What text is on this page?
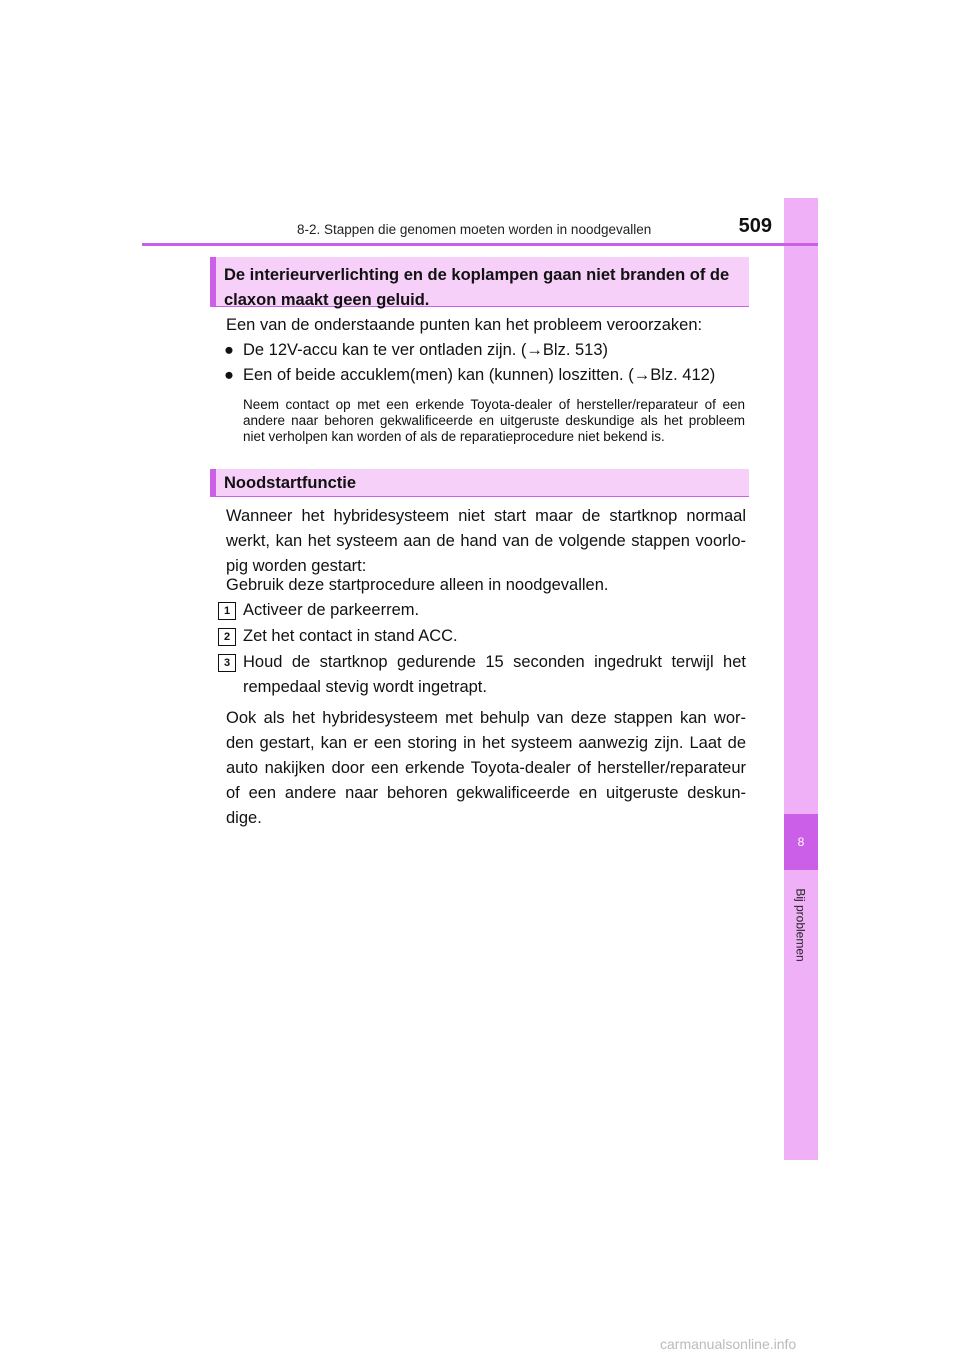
8
Bij problemen
8-2. Stappen die genomen moeten worden in noodgevallen	509
De interieurverlichting en de koplampen gaan niet branden of de
claxon maakt geen geluid.
Een van de onderstaande punten kan het probleem veroorzaken:
● De 12V-accu kan te ver ontladen zijn. (→Blz. 513)
● Een of beide accuklem(men) kan (kunnen) loszitten. (→Blz. 412)
Neem contact op met een erkende Toyota-dealer of hersteller/reparateur of een andere naar behoren gekwalificeerde en uitgeruste deskundige als het probleem niet verholpen kan worden of als de reparatieprocedure niet bekend is.
Noodstartfunctie
Wanneer het hybridesysteem niet start maar de startknop normaal werkt, kan het systeem aan de hand van de volgende stappen voorlo-pig worden gestart:
Gebruik deze startprocedure alleen in noodgevallen.
1 Activeer de parkeerrem.
2 Zet het contact in stand ACC.
3 Houd de startknop gedurende 15 seconden ingedrukt terwijl het rempedaal stevig wordt ingetrapt.
Ook als het hybridesysteem met behulp van deze stappen kan wor-den gestart, kan er een storing in het systeem aanwezig zijn. Laat de auto nakijken door een erkende Toyota-dealer of hersteller/reparateur of een andere naar behoren gekwalificeerde en uitgeruste deskun-dige.
carmanualsonline.info
